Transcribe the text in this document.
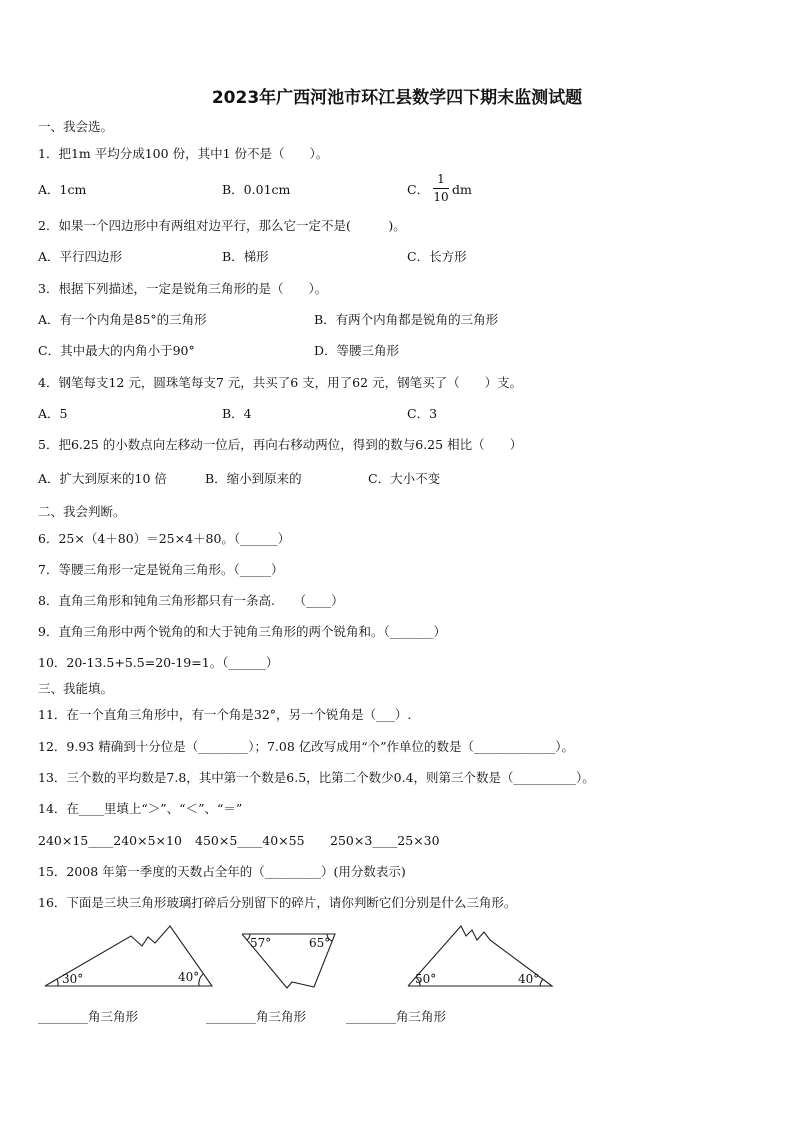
2023年广西河池市环江县数学四下期末监测试题
一、我会选。
1．把1m 平均分成100 份，其中1 份不是（　　）。
A．1cm	B．0.01cm	C．
1
10 dm
2．如果一个四边形中有两组对边平行，那么它一定不是(　　　)。
A．平行四边形	B．梯形	C．长方形
3．根据下列描述，一定是锐角三角形的是（　　）。
A．有一个内角是85°的三角形	B．有两个内角都是锐角的三角形
C．其中最大的内角小于90°	D．等腰三角形
4．钢笔每支12 元，圆珠笔每支7 元，共买了6 支，用了62 元，钢笔买了（　　）支。
A．5	B．4	C．3
5．把6.25 的小数点向左移动一位后，再向右移动两位，得到的数与6.25 相比（　　）
A．扩大到原来的10 倍	B．缩小到原来的	C．大小不变
二、我会判断。
6．25×（4＋80）＝25×4＋80。（______）
7．等腰三角形一定是锐角三角形。（_____）
8．直角三角形和钝角三角形都只有一条高.　　（____）
9．直角三角形中两个锐角的和大于钝角三角形的两个锐角和。（_______）
10．20-13.5+5.5=20-19=1。（______）
三、我能填。
11．在一个直角三角形中，有一个角是32°，另一个锐角是（___）.
12．9.93 精确到十分位是（________）；7.08 亿改写成用“个”作单位的数是（_____________）。
13．三个数的平均数是7.8，其中第一个数是6.5，比第二个数少0.4，则第三个数是（__________）。
14．在____里填上“＞”、“＜”、“＝”
240×15____240×5×10 450×5____40×55 250×3____25×30
15．2008 年第一季度的天数占全年的（_________）(用分数表示)
16．下面是三块三角形玻璃打碎后分别留下的碎片，请你判断它们分别是什么三角形。
30°	40°
57°	65°
50°	40°
________角三角形	________角三角形	________角三角形
